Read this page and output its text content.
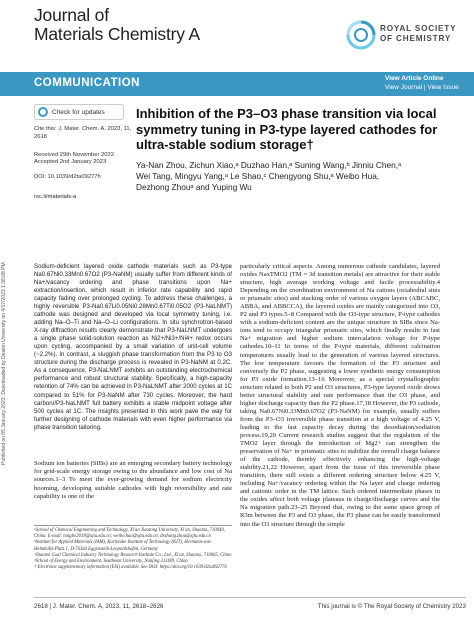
Journal of
Materials Chemistry A	ROYAL SOCIETY
OF CHEMISTRY
COMMUNICATION	View Article Online
View Journal | View Issue
Published on 05 January 2023. Downloaded by Deakin University on 4/17/2023 1:38:08 PM.
Check for updates
Cite this: J. Mater. Chem. A, 2023, 11,
2618
Received 29th November 2022
Accepted 2nd January 2023
DOI: 10.1039/d2ta09277h
rsc.li/materials-a
Inhibition of the P3–O3 phase transition via local symmetry tuning in P3-type layered cathodes for ultra-stable sodium storage†
Ya-Nan Zhou, Zichun Xiao,ᵃ Duzhao Han,ᵃ Suning Wang,ᵇ Jinniu Chen,ᵃ
Wei Tang, Mingyu Yang,ᵃ Le Shao,ᶜ Chengyong Shu,ᵃ Weibo Hua,
Dezhong Zhouᵃ and Yuping Wu
Sodium-deficient layered oxide cathode materials such as P3-type Na0.67Ni0.33Mn0.67O2 (P3-NaNM) usually suffer from different kinds of Na+/vacancy ordering and phase transitions upon Na+ extraction/insertion, which result in inferior rate capability and rapid capacity fading over prolonged cycling. To address these challenges, a highly reversible P3-Na0.67Li0.05Ni0.28Mn0.67Ti0.05O2 (P3-NaLNMT) cathode was designed and developed via local symmetry tuning, i.e. adding Na–O–Ti and Na–O–Li configurations. In situ synchrotron-based X-ray diffraction results clearly demonstrate that P3-NaLNMT undergoes a single phase solid-solution reaction as Ni2+/Ni3+/Ni4+ redox occurs upon cycling, accompanied by a small variation of unit-cell volume (~2.2%). In contrast, a sluggish phase transformation from the P3 to O3 structure during the discharge process is revealed in P3-NaNM at 0.2C. As a consequence, P3-NaLNMT exhibits an outstanding electrochemical performance and robust structural stability. Specifically, a high-capacity retention of 74% can be achieved in P3-NaLNMT after 2000 cycles at 1C compared to 51% for P3-NaNM after 730 cycles. Moreover, the hard carbon//P3-NaLNMT full battery exhibits a stable midpoint voltage after 500 cycles at 1C. The insights presented in this work pave the way for further designing of cathode materials with even higher performance via phase transition tailoring.
Sodium ion batteries (SIBs) are an emerging secondary battery technology for grid-scale energy storage owing to the abundance and low cost of Na sources.1–3 To meet the ever-growing demand for sodium electricity booming, developing suitable cathodes with high reversibility and rate capability is one of the
ᵃSchool of Chemical Engineering and Technology, Xi'an Jiaotong University, Xi'an, Shaanxi, 710049, China. E-mail: tongbo2018@xjtu.edu.cn; weibo.hua@xjtu.edu.cn; dezhong.zhou@xjtu.edu.cn
ᵇInstitute for Applied Materials (IAM), Karlsruhe Institute of Technology (KIT), Hermann-von-Helmholtz-Platz 1, D-76344 Eggenstein-Leopoldshafen, Germany
ᶜShaanxi Coal Chemical Industry Technology Research Institute Co., Ltd., Xi'an, Shaanxi, 710065, China
ᵈSchool of Energy and Environment, Southeast University, Nanjing 211189, China
† Electronic supplementary information (ESI) available. See DOI: https://doi.org/10.1039/d2ta09277h
particularly critical aspects. Among numerous cathode candidates, layered oxides NaxTMO2 (TM = 3d transition metals) are attractive for their stable structure, high average working voltage and facile processability.4 Depending on the coordination environment of Na cations (octahedral sites or prismatic sites) and stacking order of various oxygen layers (ABCABC, ABBA, and ABBCCA), the layered oxides are mainly categorized into O3, P2 and P3 types.5–8 Compared with the O3-type structure, P-type cathodes with a sodium-deficient content are the unique structure in SIBs since Na-ions tend to occupy triangular prismatic sites, which finally results in fast Na+ migration and higher sodium intercalation voltage for P-type cathodes.10–11 In terms of the P-type materials, different calcination temperatures usually lead to the generation of various layered structures. The low temperature favours the formation of the P3 structure and conversely the P2 phase, suggesting a lower synthetic energy consumption for P3 oxide formation.13–16 Moreover, as a special crystallographic structure related to both P2 and O3 structures, P3-type layered oxide shows better structural stability and rate performance than the O3 phase, and higher discharge capacity than the P2 phase.17,18 However, the P3 cathode, taking Na0.67Ni0.33Mn0.67O2 (P3-NaNM) for example, usually suffers from the P3–O3 irreversible phase transition at a high voltage of 4.25 V, leading to the fast capacity decay during the desodiation/sodiation process.19,20 Current research studies suggest that the regulation of the TMO2 layer through the introduction of Mg2+ can strengthen the preservation of Na+ in prismatic sites to stabilize the overall charge balance of the cathode, thereby effectively enhancing the high-voltage stability.21,22 However, apart from the issue of this irreversible phase transition, there still exists a different ordering structure below 4.25 V, including Na+/vacancy ordering within the Na layer and charge ordering and cationic order in the TM lattice. Such ordered intermediate phases in the oxides affect both voltage plateaus in charge/discharge curves and the Na migration path.23–25 Beyond that, owing to the same space group of R3m between the P3 and O3 phase, the P3 phase can be easily transformed into the O3 structure through the simple
2618 | J. Mater. Chem. A, 2023, 11, 2618–2626	This journal is © The Royal Society of Chemistry 2023
